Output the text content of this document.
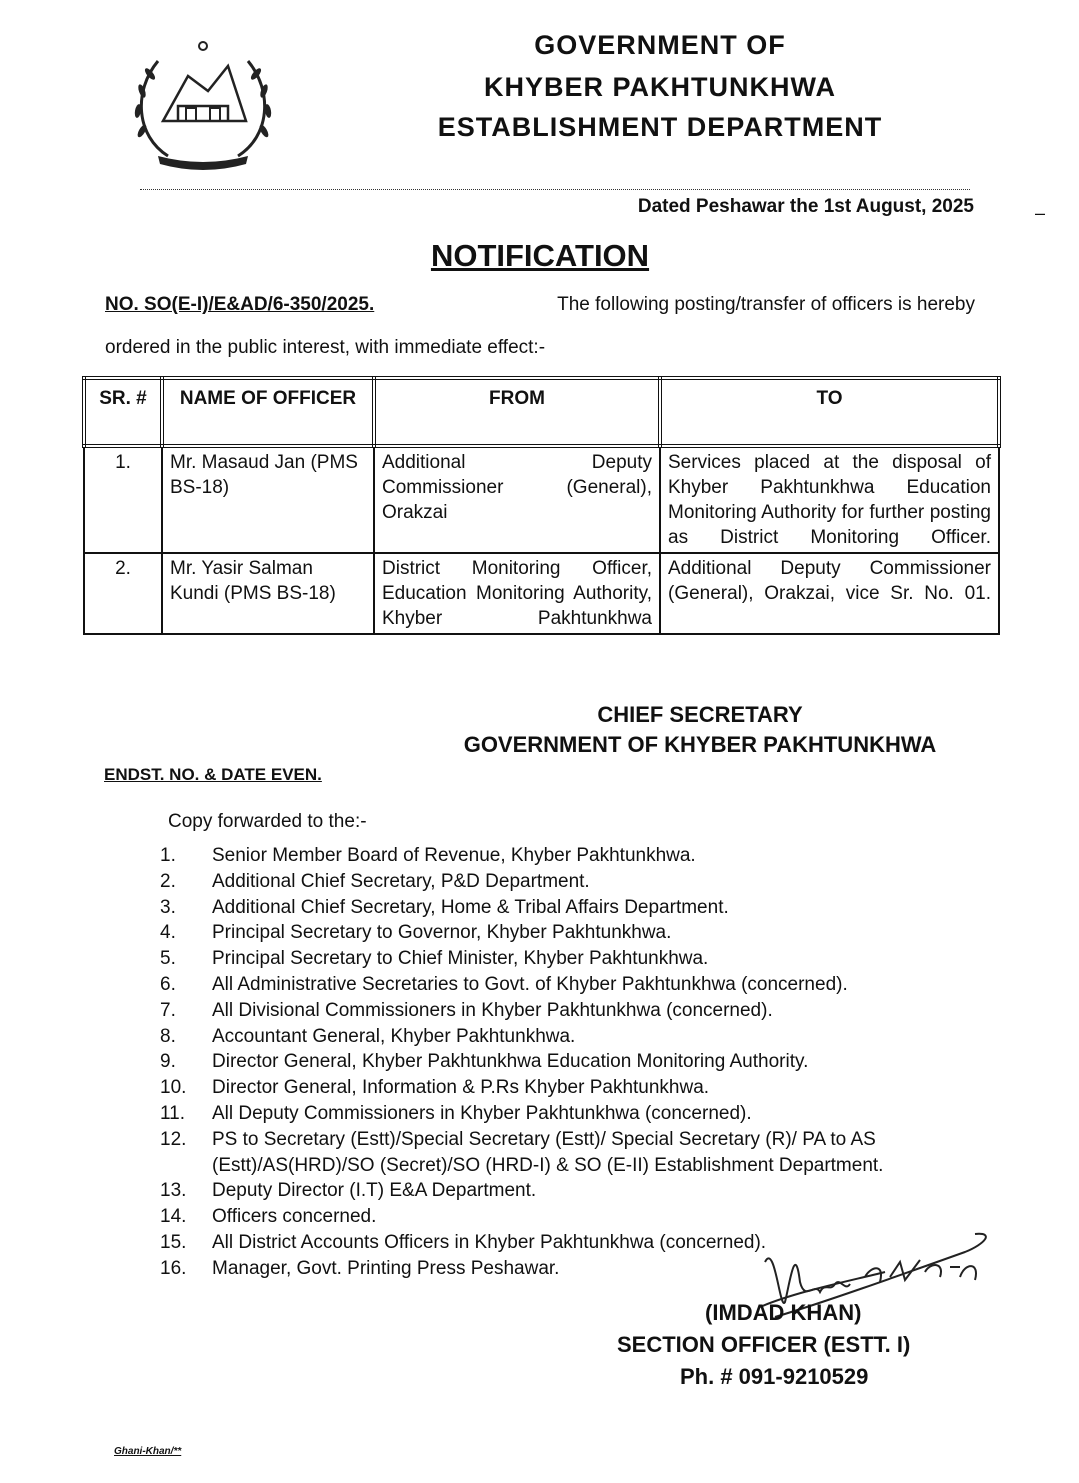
GOVERNMENT OF
KHYBER PAKHTUNKHWA
ESTABLISHMENT DEPARTMENT
Dated Peshawar the 1st August, 2025	–
NOTIFICATION
NO. SO(E-I)/E&AD/6-350/2025.	The following posting/transfer of officers is hereby
ordered in the public interest, with immediate effect:-
SR. #	NAME OF OFFICER	FROM	TO
1.	Mr. Masaud Jan (PMS BS-18)	Additional Deputy Commissioner (General), Orakzai	Services placed at the disposal of Khyber Pakhtunkhwa Education Monitoring Authority for further posting as District Monitoring Officer.
2.	Mr. Yasir Salman Kundi (PMS BS-18)	District Monitoring Officer, Education Monitoring Authority, Khyber Pakhtunkhwa	Additional Deputy Commissioner (General), Orakzai, vice Sr. No. 01.
CHIEF SECRETARY
GOVERNMENT OF KHYBER PAKHTUNKHWA
ENDST. NO. & DATE EVEN.
Copy forwarded to the:-
1.	Senior Member Board of Revenue, Khyber Pakhtunkhwa.
2.	Additional Chief Secretary, P&D Department.
3.	Additional Chief Secretary, Home & Tribal Affairs Department.
4.	Principal Secretary to Governor, Khyber Pakhtunkhwa.
5.	Principal Secretary to Chief Minister, Khyber Pakhtunkhwa.
6.	All Administrative Secretaries to Govt. of Khyber Pakhtunkhwa (concerned).
7.	All Divisional Commissioners in Khyber Pakhtunkhwa (concerned).
8.	Accountant General, Khyber Pakhtunkhwa.
9.	Director General, Khyber Pakhtunkhwa Education Monitoring Authority.
10.	Director General, Information & P.Rs Khyber Pakhtunkhwa.
11.	All Deputy Commissioners in Khyber Pakhtunkhwa (concerned).
12.	PS to Secretary (Estt)/Special Secretary (Estt)/ Special Secretary (R)/ PA to AS (Estt)/AS(HRD)/SO (Secret)/SO (HRD-I) & SO (E-II) Establishment Department.
13.	Deputy Director (I.T) E&A Department.
14.	Officers concerned.
15.	All District Accounts Officers in Khyber Pakhtunkhwa (concerned).
16.	Manager, Govt. Printing Press Peshawar.
(IMDAD KHAN)
SECTION OFFICER (ESTT. I)
Ph. # 091-9210529
Ghani-Khan/**
